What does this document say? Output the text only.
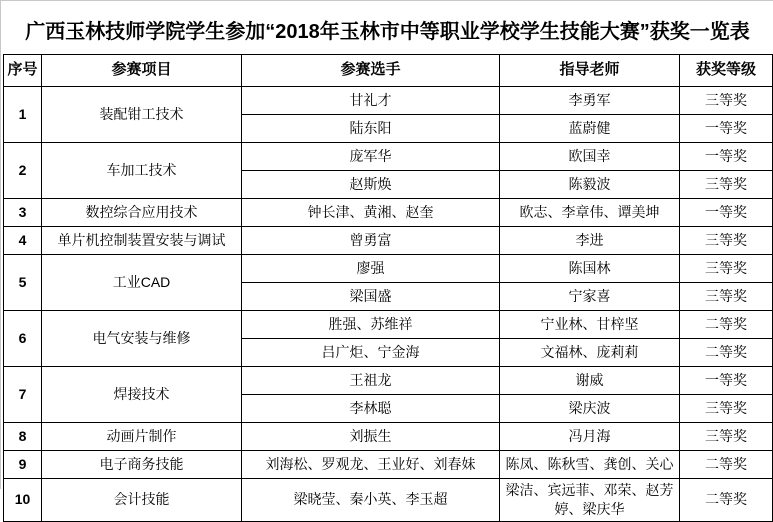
广西玉林技师学院学生参加“2018年玉林市中等职业学校学生技能大赛”获奖一览表
序号	参赛项目	参赛选手	指导老师	获奖等级
1	装配钳工技术	甘礼才	李勇军	三等奖
		陆东阳	蓝蔚健	一等奖
2	车加工技术	庞军华	欧国幸	一等奖
		赵斯焕	陈毅波	三等奖
3	数控综合应用技术	钟长津、黄湘、赵奎	欧志、李章伟、谭美坤	一等奖
4	单片机控制装置安装与调试	曾勇富	李进	三等奖
5	工业CAD	廖强	陈国林	三等奖
		梁国盛	宁家喜	三等奖
6	电气安装与维修	胜强、苏维祥	宁业林、甘梓坚	二等奖
		吕广炬、宁金海	文福林、庞莉莉	二等奖
7	焊接技术	王祖龙	谢威	一等奖
		李林聪	梁庆波	三等奖
8	动画片制作	刘振生	冯月海	三等奖
9	电子商务技能	刘海松、罗观龙、王业好、刘春妹	陈凤、陈秋雪、龚创、关心	二等奖
10	会计技能	梁晓莹、秦小英、李玉超	梁洁、宾远菲、邓荣、赵芳婷、梁庆华	二等奖
